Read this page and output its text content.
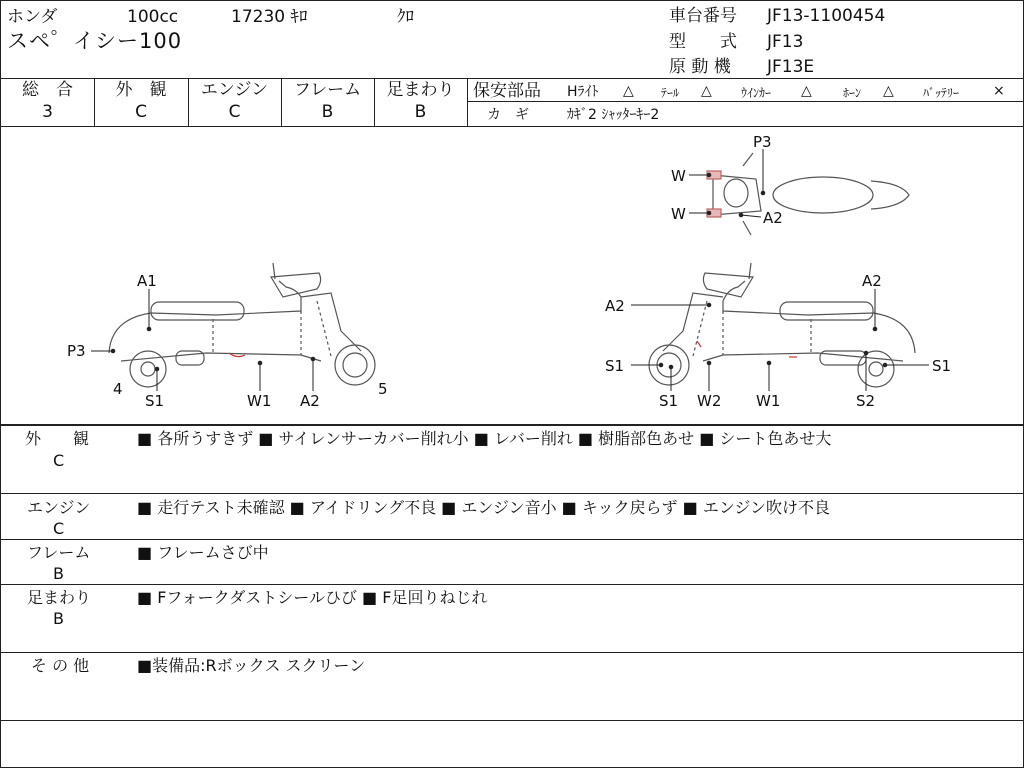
ホンダ	100cc	17230 ｷﾛ	ｸﾛ
スペ゜イシー100
車台番号 JF13-1100454
型　　式 JF13
原 動 機 JF13E
総　合
3
外　観
C
エンジン
C
フレーム
B
足まわり
B
保安部品 Hﾗｲﾄ △ ﾃｰﾙ △ ｳｲﾝｶｰ △	ﾎｰﾝ △ ﾊﾞｯﾃﾘｰ ×
カ　ギ	ｶｷﾞ2 ｼｬｯﾀｰｷｰ2
P3
W
W	A2
A1
P3
4
S1	W1 A2
5
A2
A2
S1	S1
S1 W2 W1	S2
外　　観
C
■ 各所うすきず ■ サイレンサーカバー削れ小 ■ レバー削れ ■ 樹脂部色あせ ■ シート色あせ大
エンジン
C
■ 走行テスト未確認 ■ アイドリング不良 ■ エンジン音小 ■ キック戻らず ■ エンジン吹け不良
フレーム
B
■ フレームさび中
足まわり
B
■ Fフォークダストシールひび ■ F足回りねじれ
そ の 他	■装備品:Rボックス スクリーン
